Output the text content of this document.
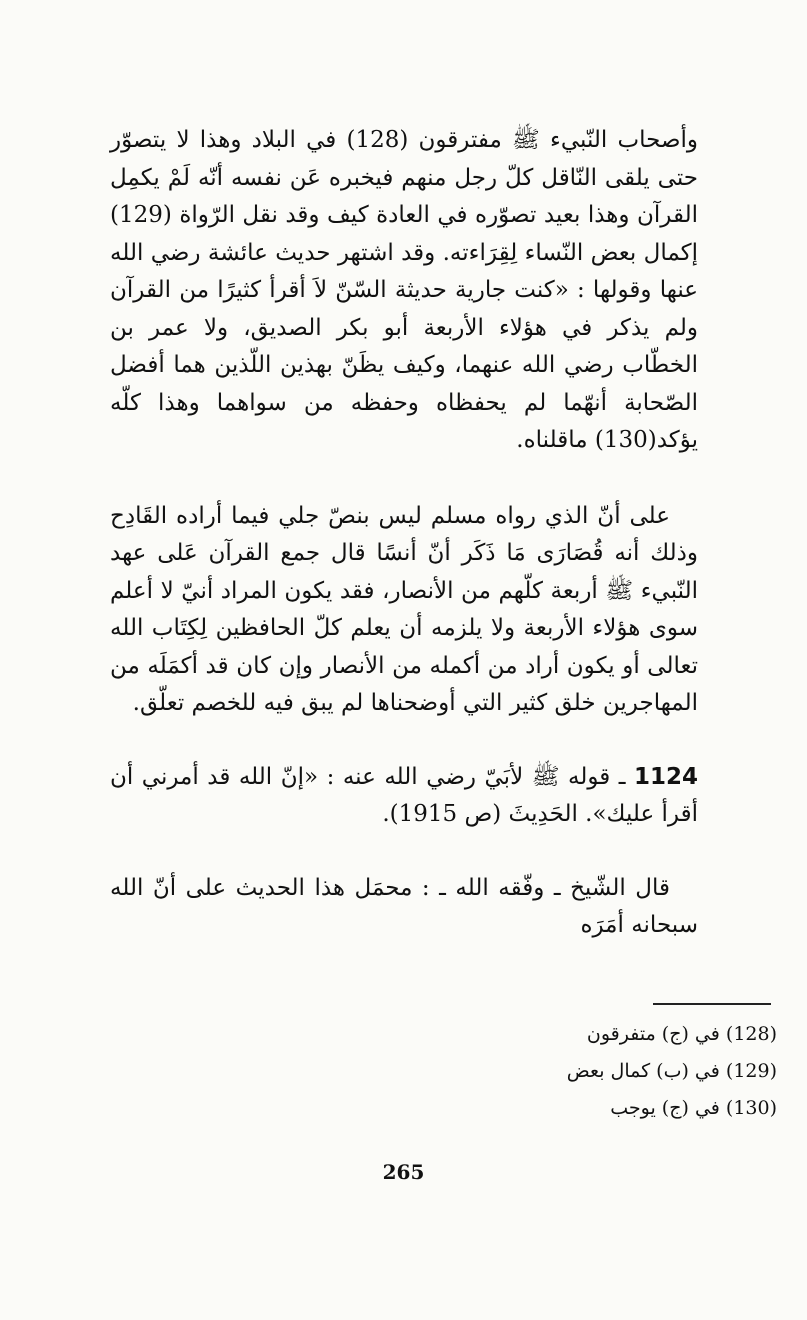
وأصحاب النّبيء ﷺ مفترقون (128) في البلاد وهذا لا يتصوّر حتى يلقى النّاقل كلّ رجل منهم فيخبره عَن نفسه أنّه لَمْ يكمِل القرآن وهذا بعيد تصوّره في العادة كيف وقد نقل الرّواة (129) إكمال بعض النّساء لِقِرَاءته. وقد اشتهر حديث عائشة رضي الله عنها وقولها : «كنت جارية حديثة السّنّ لاَ أقرأ كثيرًا من القرآن ولم يذكر في هؤلاء الأربعة أبو بكر الصديق، ولا عمر بن الخطّاب رضي الله عنهما، وكيف يظَنّ بهذين اللّذين هما أفضل الصّحابة أنهّما لم يحفظاه وحفظه من سواهما وهذا كلّه يؤكد(130) ماقلناه.

على أنّ الذي رواه مسلم ليس بنصّ جلي فيما أراده القَادِح وذلك أنه قُصَارَى مَا ذَكَر أنّ أنسًا قال جمع القرآن عَلى عهد النّبيء ﷺ أربعة كلّهم من الأنصار، فقد يكون المراد أنيّ لا أعلم سوى هؤلاء الأربعة ولا يلزمه أن يعلم كلّ الحافظين لِكِتَاب الله تعالى أو يكون أراد من أكمله من الأنصار وإن كان قد أكمَلَه من المهاجرين خلق كثير التي أوضحناها لم يبق فيه للخصم تعلّق.

1124 ـ قوله ﷺ لأبَيّ رضي الله عنه : «إنّ الله قد أمرني أن أقرأ عليك». الحَدِيثَ (ص 1915).

قال الشّيخ ـ وفّقه الله ـ : محمَل هذا الحديث على أنّ الله سبحانه أمَرَه

(128) في (ج) متفرقون
(129) في (ب) كمال بعض
(130) في (ج) يوجب
265
